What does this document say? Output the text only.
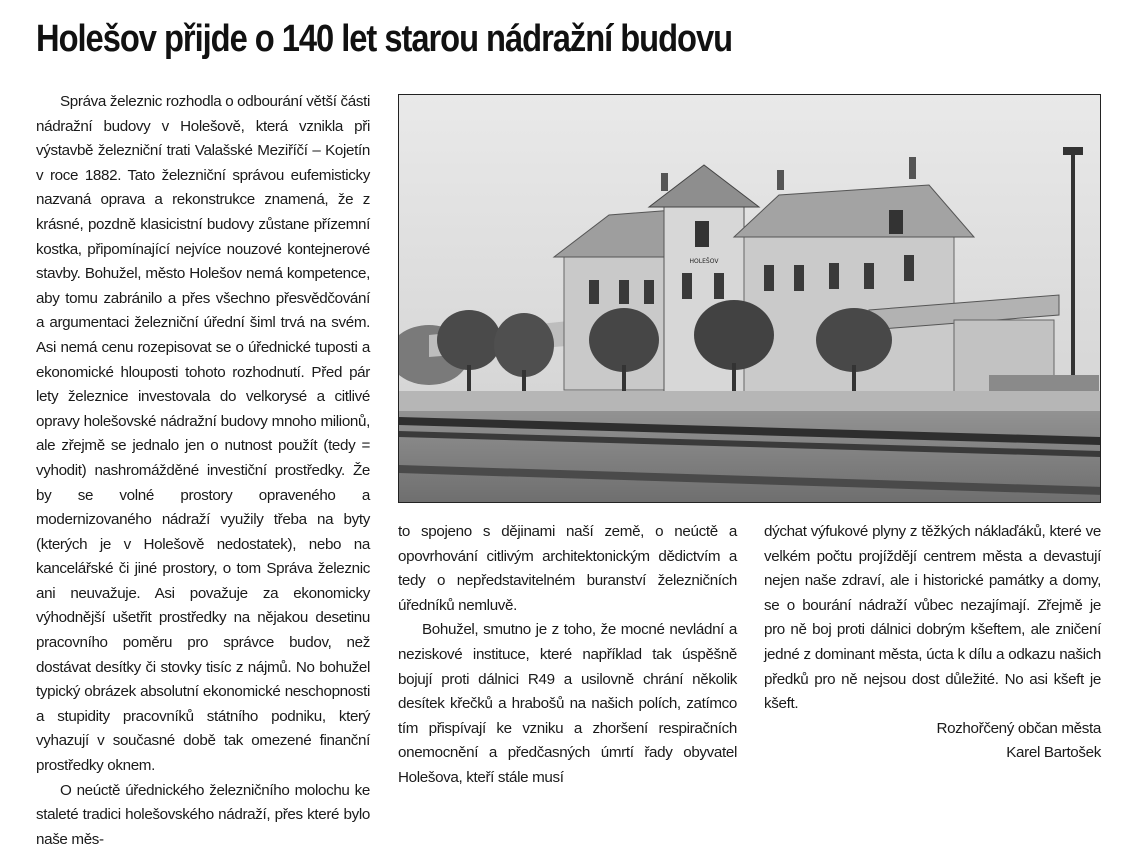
Holešov přijde o 140 let starou nádražní budovu

Správa železnic rozhodla o odbourání větší části nádražní budovy v Holešově, která vznikla při výstavbě železniční trati Valašské Meziříčí – Kojetín v roce 1882. Tato železniční správou eufemisticky nazvaná oprava a rekonstrukce znamená, že z krásné, pozdně klasicistní budovy zůstane přízemní kostka, připomínající nejvíce nouzové kontejnerové stavby. Bohužel, město Holešov nemá kompetence, aby tomu zabránilo a přes všechno přesvědčování a argumentaci železniční úřední šiml trvá na svém. Asi nemá cenu rozepisovat se o úřednické tuposti a ekonomické hlouposti tohoto rozhodnutí. Před pár lety železnice investovala do velkorysé a citlivé opravy holešovské nádražní budovy mnoho milionů, ale zřejmě se jednalo jen o nutnost použít (tedy = vyhodit) nashromážděné investiční prostředky. Že by se volné prostory opraveného a modernizovaného nádraží využily třeba na byty (kterých je v Holešově nedostatek), nebo na kancelářské či jiné prostory, o tom Správa železnic ani neuvažuje. Asi považuje za ekonomicky výhodnější ušetřit prostředky na nějakou desetinu pracovního poměru pro správce budov, než dostávat desítky či stovky tisíc z nájmů. No bohužel typický obrázek absolutní ekonomické neschopnosti a stupidity pracovníků státního podniku, který vyhazují v současné době tak omezené finanční prostředky oknem.

O neúctě úřednického železničního molochu ke staleté tradici holešovského nádraží, přes které bylo naše měs-

HOLEŠOV

to spojeno s dějinami naší země, o neúctě a opovrhování citlivým architektonickým dědictvím a tedy o nepředstavitelném buranství železničních úředníků nemluvě.

Bohužel, smutno je z toho, že mocné nevládní a neziskové instituce, které například tak úspěšně bojují proti dálnici R49 a usilovně chrání několik desítek křečků a hrabošů na našich polích, zatímco tím přispívají ke vzniku a zhoršení respiračních onemocnění a předčasných úmrtí řady obyvatel Holešova, kteří stále musí

dýchat výfukové plyny z těžkých náklaďáků, které ve velkém počtu projíždějí centrem města a devastují nejen naše zdraví, ale i historické památky a domy, se o bourání nádraží vůbec nezajímají. Zřejmě je pro ně boj proti dálnici dobrým kšeftem, ale zničení jedné z dominant města, úcta k dílu a odkazu našich předků pro ně nejsou dost důležité. No asi kšeft je kšeft.

Rozhořčený občan města

Karel Bartošek
